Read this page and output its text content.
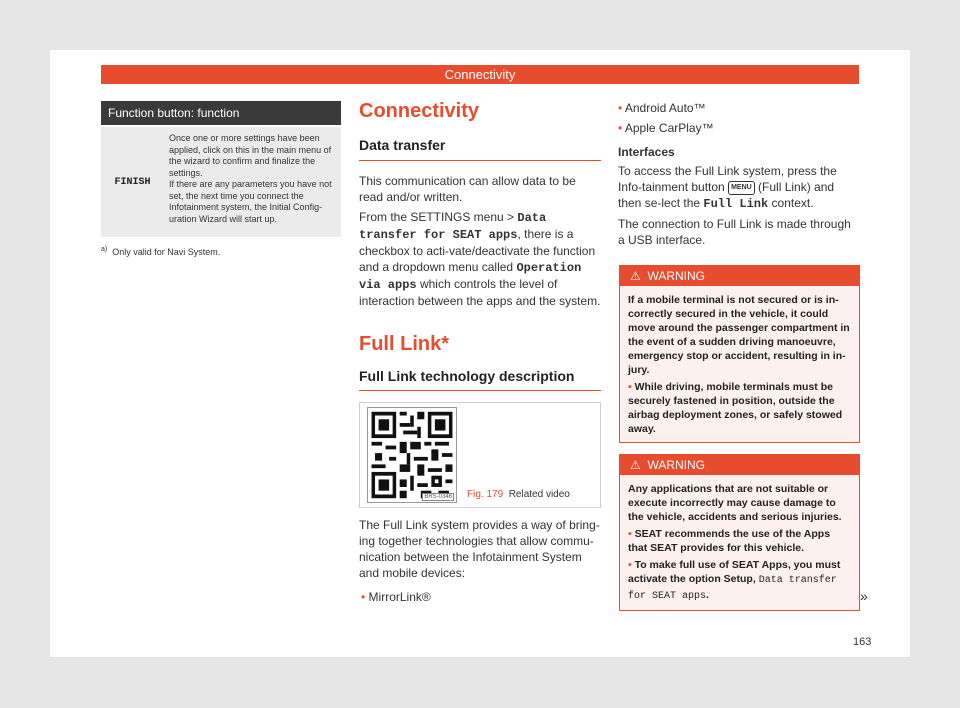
Connectivity
Function button: function
FINISH
Once one or more settings have been applied, click on this in the main menu of the wizard to confirm and finalize the settings.
If there are any parameters you have not set, the next time you connect the Infotainment system, the Initial Config-uration Wizard will start up.
$^{a)}$ Only valid for Navi System.
Connectivity
Data transfer
This communication can allow data to be read and/or written.
From the SETTINGS menu > Data transfer for SEAT apps, there is a checkbox to acti-vate/deactivate the function and a dropdown menu called Operation via apps which controls the level of interaction between the apps and the system.
Full Link*
Full Link technology description
BRS-0346 Fig. 179 Related video
The Full Link system provides a way of bring-ing together technologies that allow commu-nication between the Infotainment System and mobile devices:
• MirrorLink®
• Android Auto™
• Apple CarPlay™
Interfaces
To access the Full Link system, press the Info-tainment button MENU (Full Link) and then se-lect the Full Link context.
The connection to Full Link is made through a USB interface.
⚠ WARNING
If a mobile terminal is not secured or is in-correctly secured in the vehicle, it could move around the passenger compartment in the event of a sudden driving manoeuvre, emergency stop or accident, resulting in in-jury.
• While driving, mobile terminals must be securely fastened in position, outside the airbag deployment zones, or safely stowed away.
⚠ WARNING
Any applications that are not suitable or execute incorrectly may cause damage to the vehicle, accidents and serious injuries.
• SEAT recommends the use of the Apps that SEAT provides for this vehicle.
• To make full use of SEAT Apps, you must activate the option Setup, Data transfer for SEAT apps.	»
163
